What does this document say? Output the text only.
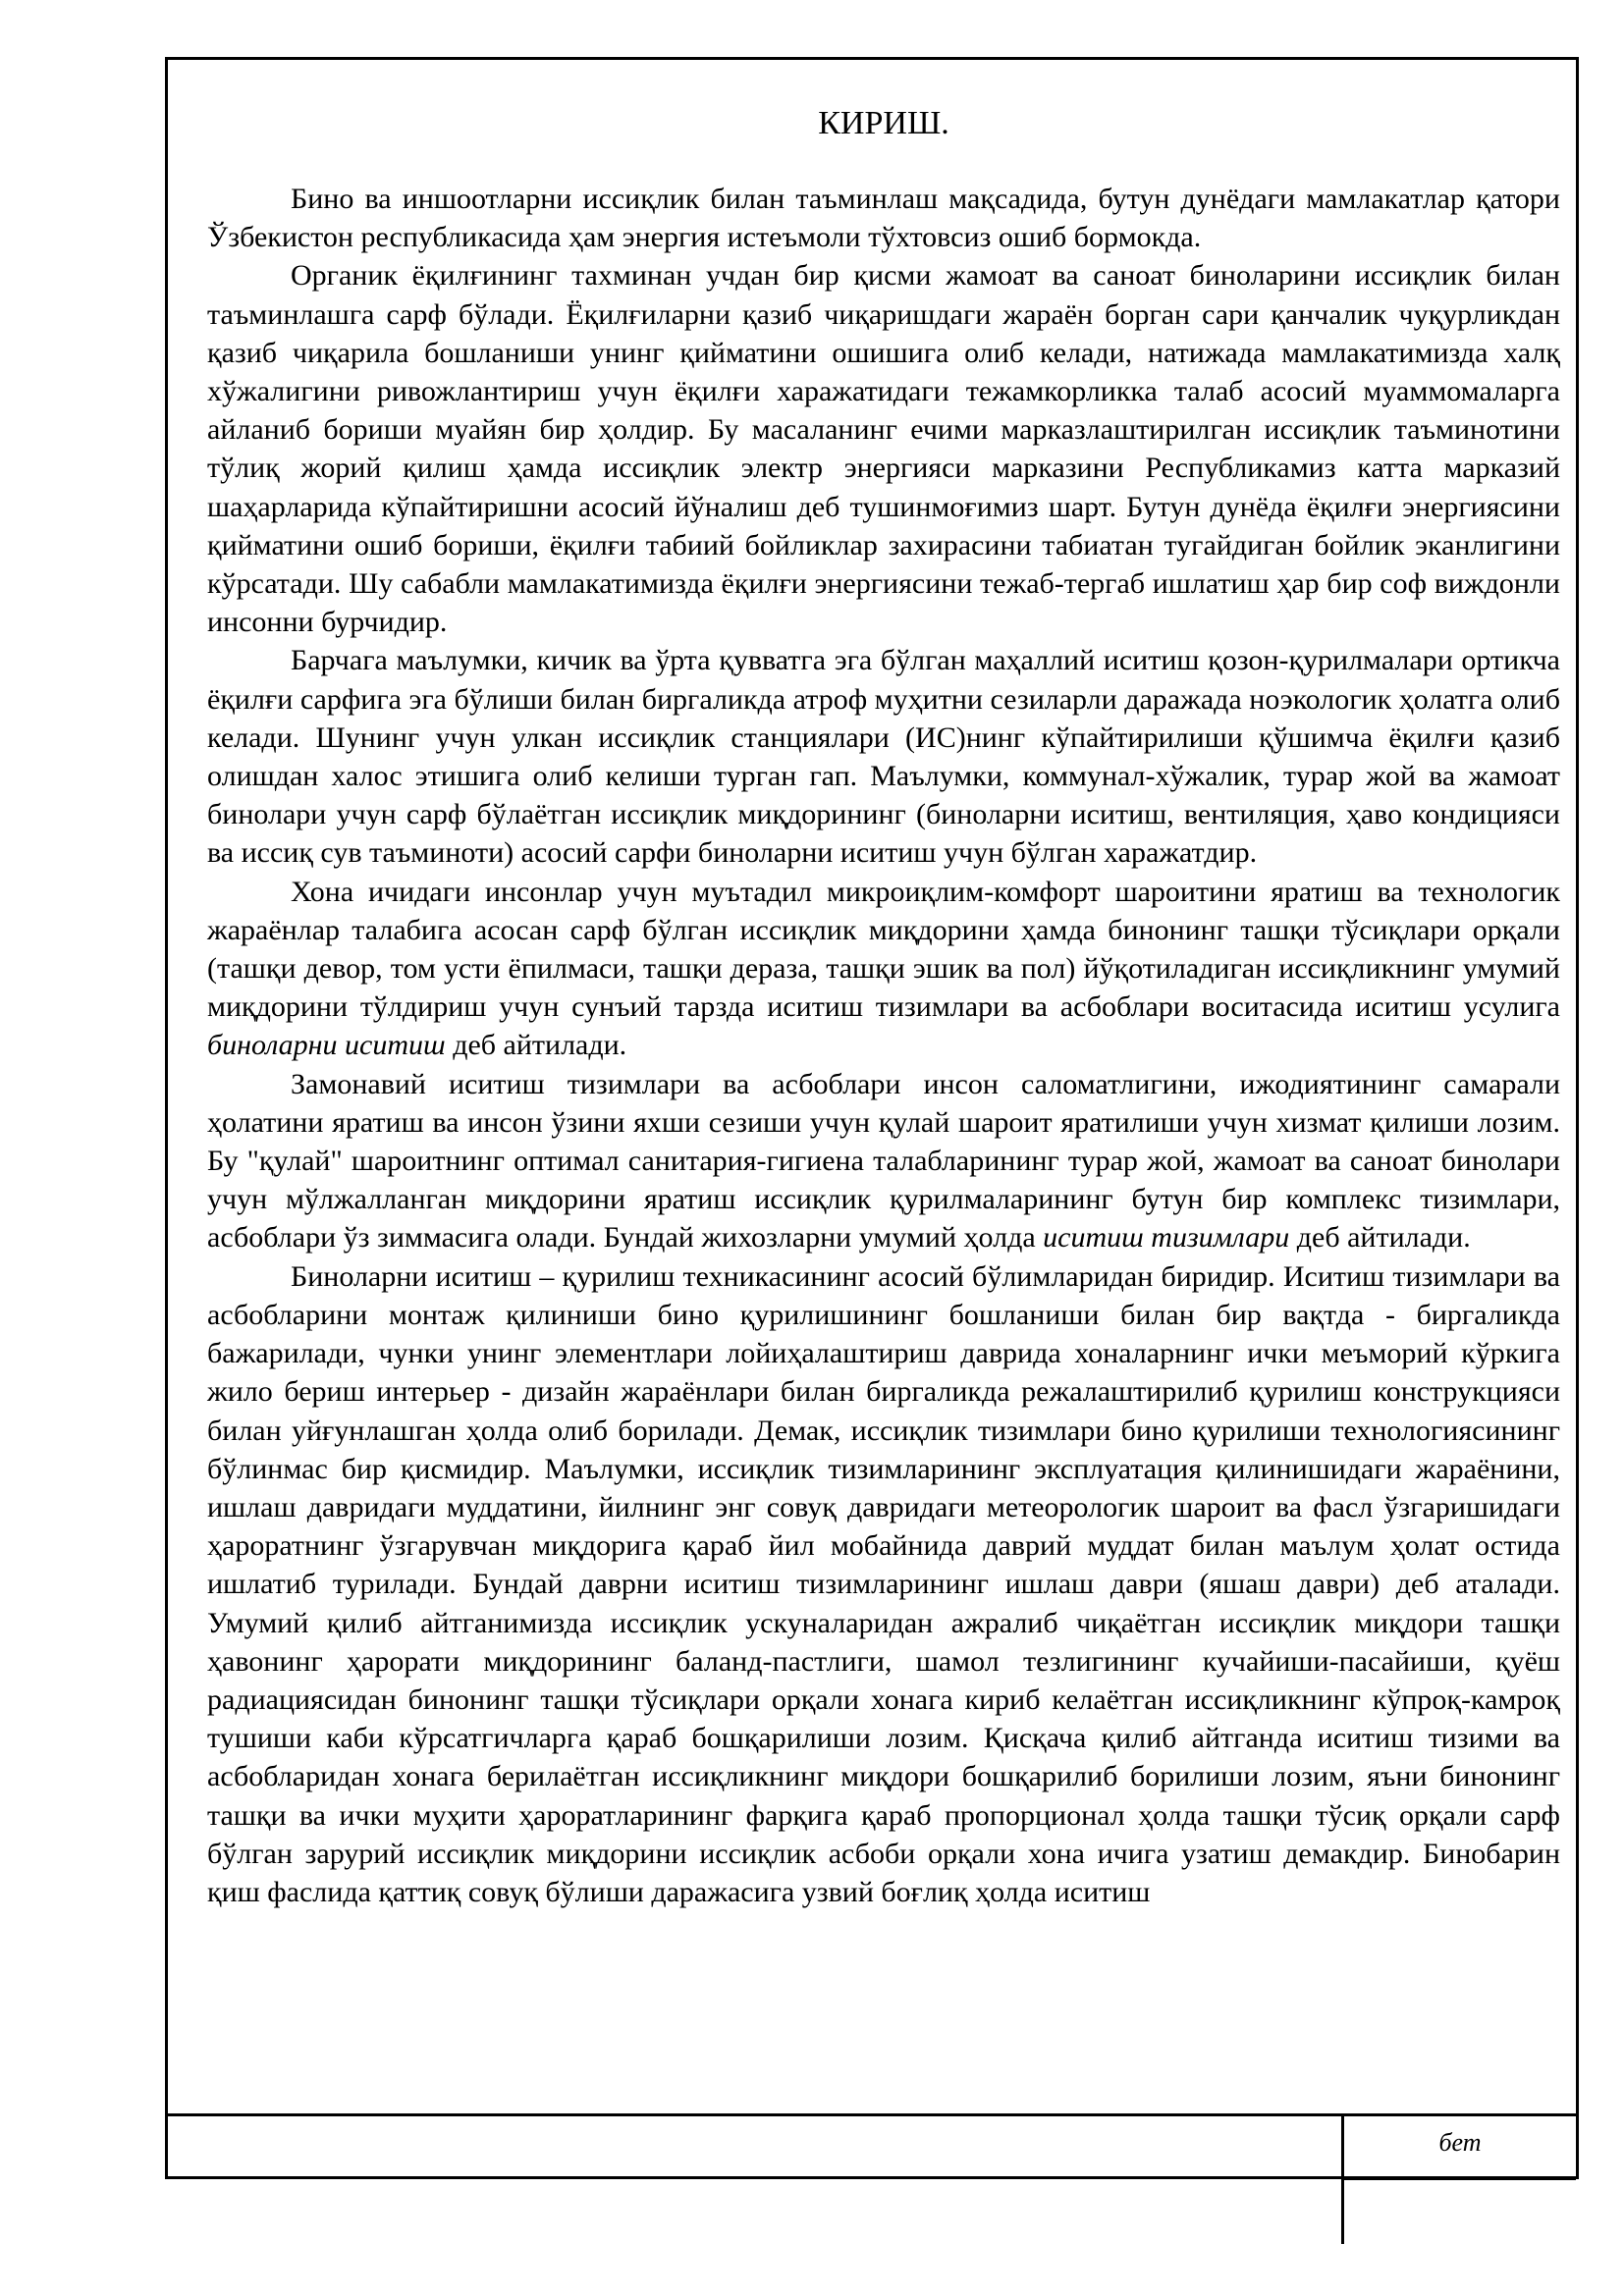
КИРИШ.

Бино ва иншоотларни иссиқлик билан таъминлаш мақсадида, бутун дунёдаги мамлакатлар қатори Ўзбекистон республикасида ҳам энергия истеъмоли тўхтовсиз ошиб бормокда.

Органик ёқилғининг тахминан учдан бир қисми жамоат ва саноат биноларини иссиқлик билан таъминлашга сарф бўлади. Ёқилғиларни қазиб чиқаришдаги жараён борган сари қанчалик чуқурликдан қазиб чиқарила бошланиши унинг қийматини ошишига олиб келади, натижада мамлакатимизда халқ хўжалигини ривожлантириш учун ёқилғи харажатидаги тежамкорликка талаб асосий муаммомаларга айланиб бориши муайян бир ҳолдир. Бу масаланинг ечими марказлаштирилган иссиқлик таъминотини тўлиқ жорий қилиш ҳамда иссиқлик электр энергияси марказини Республикамиз катта марказий шаҳарларида кўпайтиришни асосий йўналиш деб тушинмоғимиз шарт. Бутун дунёда ёқилғи энергиясини қийматини ошиб бориши, ёқилғи табиий бойликлар захирасини табиатан тугайдиган бойлик эканлигини кўрсатади. Шу сабабли мамлакатимизда ёқилғи энергиясини тежаб-тергаб ишлатиш ҳар бир соф виждонли инсонни бурчидир.

Барчага маълумки, кичик ва ўрта қувватга эга бўлган маҳаллий иситиш қозон-қурилмалари ортикча ёқилғи сарфига эга бўлиши билан биргаликда атроф муҳитни сезиларли даражада ноэкологик ҳолатга олиб келади. Шунинг учун улкан иссиқлик станциялари (ИС)нинг кўпайтирилиши қўшимча ёқилғи қазиб олишдан халос этишига олиб келиши турган гап. Маълумки, коммунал-хўжалик, турар жой ва жамоат бинолари учун сарф бўлаётган иссиқлик миқдорининг (биноларни иситиш, вентиляция, ҳаво кондицияси ва иссиқ сув таъминоти) асосий сарфи биноларни иситиш учун бўлган харажатдир.

Хона ичидаги инсонлар учун муътадил микроиқлим-комфорт шароитини яратиш ва технологик жараёнлар талабига асосан сарф бўлган иссиқлик миқдорини ҳамда бинонинг ташқи тўсиқлари орқали (ташқи девор, том усти ёпилмаси, ташқи дераза, ташқи эшик ва пол) йўқотиладиган иссиқликнинг умумий миқдорини тўлдириш учун сунъий тарзда иситиш тизимлари ва асбоблари воситасида иситиш усулига биноларни иситиш деб айтилади.

Замонавий иситиш тизимлари ва асбоблари инсон саломатлигини, ижодиятининг самарали ҳолатини яратиш ва инсон ўзини яхши сезиши учун қулай шароит яратилиши учун хизмат қилиши лозим. Бу "қулай" шароитнинг оптимал санитария-гигиена талабларининг турар жой, жамоат ва саноат бинолари учун мўлжалланган миқдорини яратиш иссиқлик қурилмаларининг бутун бир комплекс тизимлари, асбоблари ўз зиммасига олади. Бундай жихозларни умумий ҳолда иситиш тизимлари деб айтилади.

Биноларни иситиш – қурилиш техникасининг асосий бўлимларидан биридир. Иситиш тизимлари ва асбобларини монтаж қилиниши бино қурилишининг бошланиши билан бир вақтда - биргаликда бажарилади, чунки унинг элементлари лойиҳалаштириш даврида хоналарнинг ички меъморий кўркига жило бериш интерьер - дизайн жараёнлари билан биргаликда режалаштирилиб қурилиш конструкцияси билан уйғунлашган ҳолда олиб борилади. Демак, иссиқлик тизимлари бино қурилиши технологиясининг бўлинмас бир қисмидир. Маълумки, иссиқлик тизимларининг эксплуатация қилинишидаги жараёнини, ишлаш давридаги муддатини, йилнинг энг совуқ давридаги метеорологик шароит ва фасл ўзгаришидаги ҳароратнинг ўзгарувчан миқдорига қараб йил мобайнида даврий муддат билан маълум ҳолат остида ишлатиб турилади. Бундай даврни иситиш тизимларининг ишлаш даври (яшаш даври) деб аталади. Умумий қилиб айтганимизда иссиқлик ускуналаридан ажралиб чиқаётган иссиқлик миқдори ташқи ҳавонинг ҳарорати миқдорининг баланд-пастлиги, шамол тезлигининг кучайиши-пасайиши, қуёш радиациясидан бинонинг ташқи тўсиқлари орқали хонага кириб келаётган иссиқликнинг кўпроқ-камроқ тушиши каби кўрсатгичларга қараб бошқарилиши лозим. Қисқача қилиб айтганда иситиш тизими ва асбобларидан хонага берилаётган иссиқликнинг миқдори бошқарилиб борилиши лозим, яъни бинонинг ташқи ва ички муҳити ҳароратларининг фарқига қараб пропорционал ҳолда ташқи тўсиқ орқали сарф бўлган зарурий иссиқлик миқдорини иссиқлик асбоби орқали хона ичига узатиш демакдир. Бинобарин қиш фаслида қаттиқ совуқ бўлиши даражасига узвий боғлиқ ҳолда иситиш

бет
